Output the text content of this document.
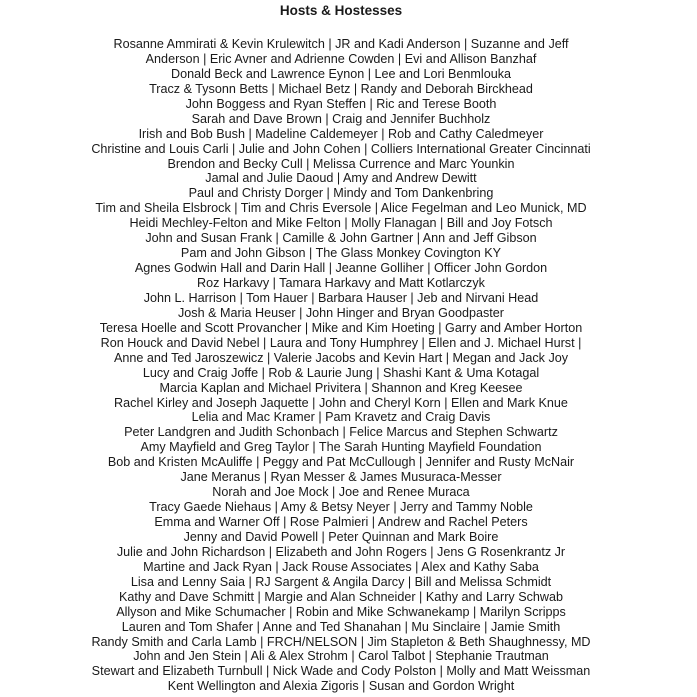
Hosts & Hostesses
Rosanne Ammirati & Kevin Krulewitch | JR and Kadi Anderson | Suzanne and Jeff
Anderson | Eric Avner and Adrienne Cowden | Evi and Allison Banzhaf
Donald Beck and Lawrence Eynon | Lee and Lori Benmlouka
Tracz & Tysonn Betts | Michael Betz | Randy and Deborah Birckhead
John Boggess and Ryan Steffen | Ric and Terese Booth
Sarah and Dave Brown | Craig and Jennifer Buchholz
Irish and Bob Bush | Madeline Caldemeyer | Rob and Cathy Caledmeyer
Christine and Louis Carli | Julie and John Cohen | Colliers International Greater Cincinnati
Brendon and Becky Cull | Melissa Currence and Marc Younkin
Jamal and Julie Daoud | Amy and Andrew Dewitt
Paul and Christy Dorger | Mindy and Tom Dankenbring
Tim and Sheila Elsbrock | Tim and Chris Eversole | Alice Fegelman and Leo Munick, MD
Heidi Mechley-Felton and Mike Felton | Molly Flanagan | Bill and Joy Fotsch
John and Susan Frank | Camille & John Gartner | Ann and Jeff Gibson
Pam and John Gibson | The Glass Monkey Covington KY
Agnes Godwin Hall and Darin Hall | Jeanne Golliher | Officer John Gordon
Roz Harkavy | Tamara Harkavy and Matt Kotlarczyk
John L. Harrison | Tom Hauer | Barbara Hauser | Jeb and Nirvani Head
Josh & Maria Heuser | John Hinger and Bryan Goodpaster
Teresa Hoelle and Scott Provancher | Mike and Kim Hoeting | Garry and Amber Horton
Ron Houck and David Nebel | Laura and Tony Humphrey | Ellen and J. Michael Hurst |
Anne and Ted Jaroszewicz | Valerie Jacobs and Kevin Hart | Megan and Jack Joy
Lucy and Craig Joffe | Rob & Laurie Jung | Shashi Kant & Uma Kotagal
Marcia Kaplan and Michael Privitera | Shannon and Kreg Keesee
Rachel Kirley and Joseph Jaquette | John and Cheryl Korn | Ellen and Mark Knue
Lelia and Mac Kramer | Pam Kravetz and Craig Davis
Peter Landgren and Judith Schonbach | Felice Marcus and Stephen Schwartz
Amy Mayfield and Greg Taylor | The Sarah Hunting Mayfield Foundation
Bob and Kristen McAuliffe | Peggy and Pat McCullough | Jennifer and Rusty McNair
Jane Meranus | Ryan Messer & James Musuraca-Messer
Norah and Joe Mock | Joe and Renee Muraca
Tracy Gaede Niehaus | Amy & Betsy Neyer | Jerry and Tammy Noble
Emma and Warner Off | Rose Palmieri | Andrew and Rachel Peters
Jenny and David Powell | Peter Quinnan and Mark Boire
Julie and John Richardson | Elizabeth and John Rogers | Jens G Rosenkrantz Jr
Martine and Jack Ryan | Jack Rouse Associates | Alex and Kathy Saba
Lisa and Lenny Saia | RJ Sargent & Angila Darcy | Bill and Melissa Schmidt
Kathy and Dave Schmitt | Margie and Alan Schneider | Kathy and Larry Schwab
Allyson and Mike Schumacher | Robin and Mike Schwanekamp | Marilyn Scripps
Lauren and Tom Shafer | Anne and Ted Shanahan | Mu Sinclaire | Jamie Smith
Randy Smith and Carla Lamb | FRCH/NELSON | Jim Stapleton & Beth Shaughnessy, MD
John and Jen Stein | Ali & Alex Strohm | Carol Talbot | Stephanie Trautman
Stewart and Elizabeth Turnbull | Nick Wade and Cody Polston | Molly and Matt Weissman
Kent Wellington and Alexia Zigoris | Susan and Gordon Wright
